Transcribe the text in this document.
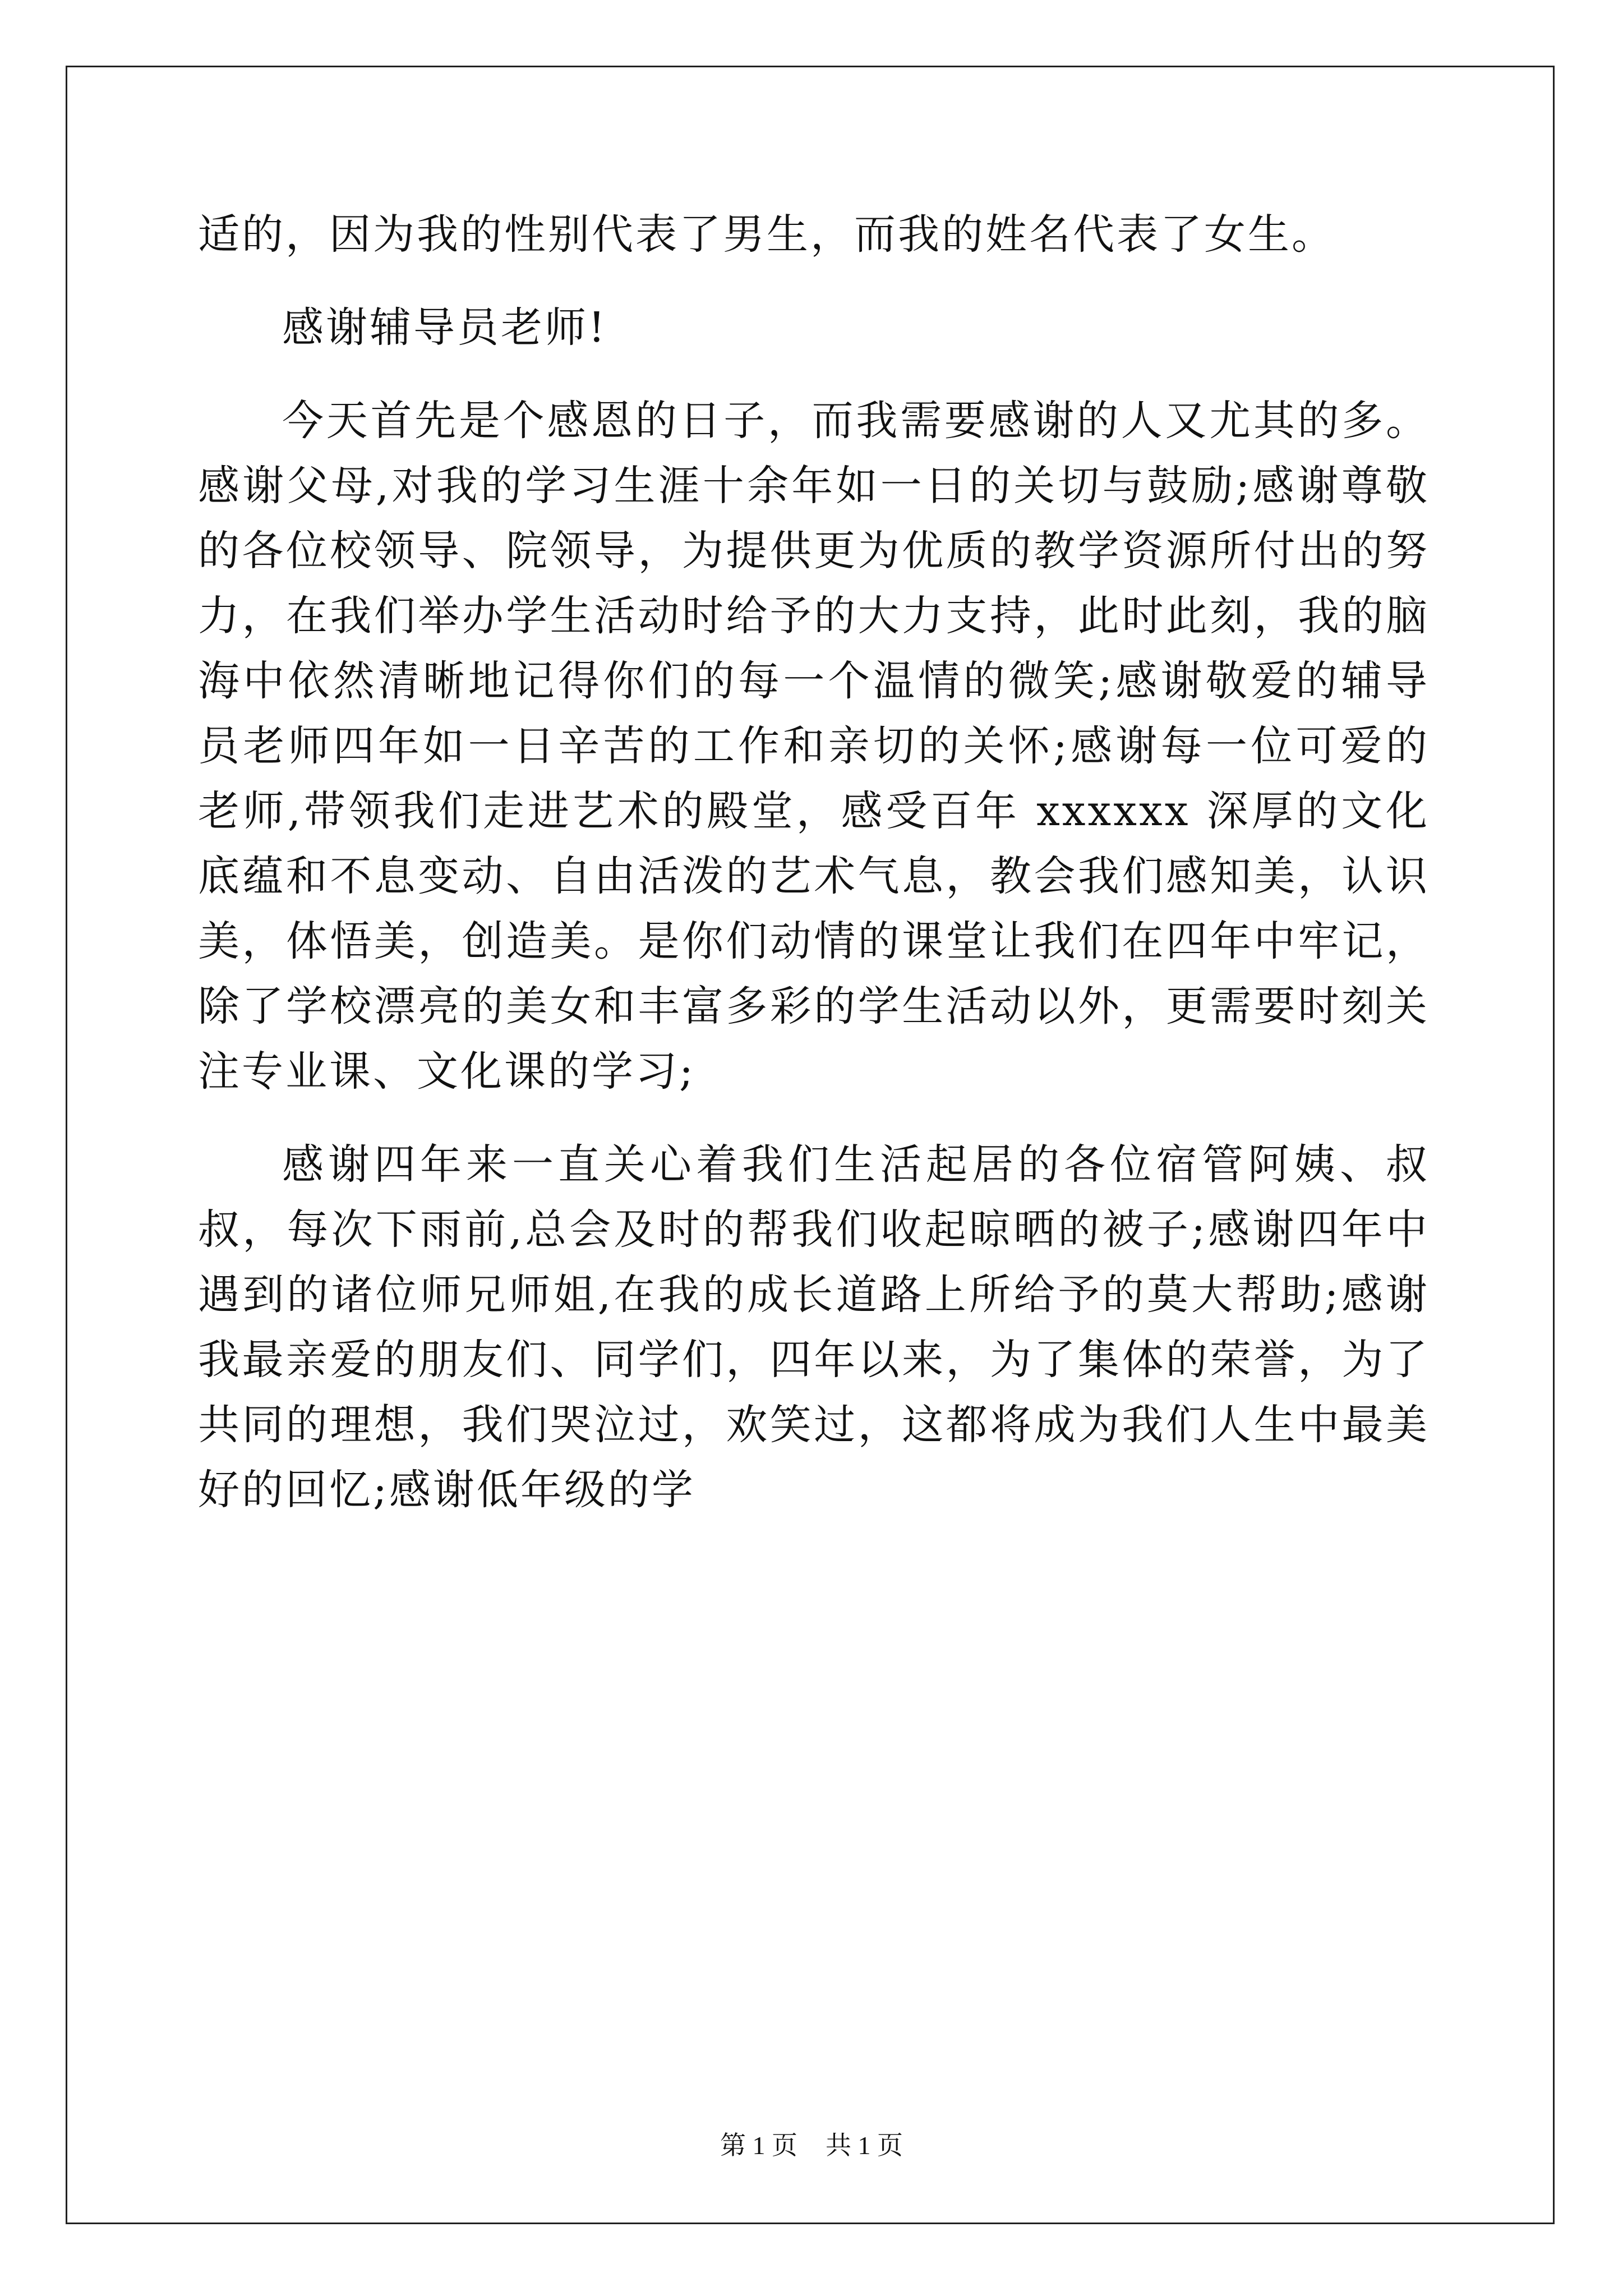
适的，因为我的性别代表了男生，而我的姓名代表了女生。

感谢辅导员老师!

今天首先是个感恩的日子，而我需要感谢的人又尤其的多。感谢父母,对我的学习生涯十余年如一日的关切与鼓励;感谢尊敬的各位校领导、院领导，为提供更为优质的教学资源所付出的努力，在我们举办学生活动时给予的大力支持，此时此刻，我的脑海中依然清晰地记得你们的每一个温情的微笑;感谢敬爱的辅导员老师四年如一日辛苦的工作和亲切的关怀;感谢每一位可爱的老师,带领我们走进艺术的殿堂，感受百年 xxxxxx 深厚的文化底蕴和不息变动、自由活泼的艺术气息，教会我们感知美，认识美，体悟美，创造美。是你们动情的课堂让我们在四年中牢记，除了学校漂亮的美女和丰富多彩的学生活动以外，更需要时刻关注专业课、文化课的学习;

感谢四年来一直关心着我们生活起居的各位宿管阿姨、叔叔，每次下雨前,总会及时的帮我们收起晾晒的被子;感谢四年中遇到的诸位师兄师姐,在我的成长道路上所给予的莫大帮助;感谢我最亲爱的朋友们、同学们，四年以来，为了集体的荣誉，为了共同的理想，我们哭泣过，欢笑过，这都将成为我们人生中最美好的回忆;感谢低年级的学

第 1 页 共 1 页
